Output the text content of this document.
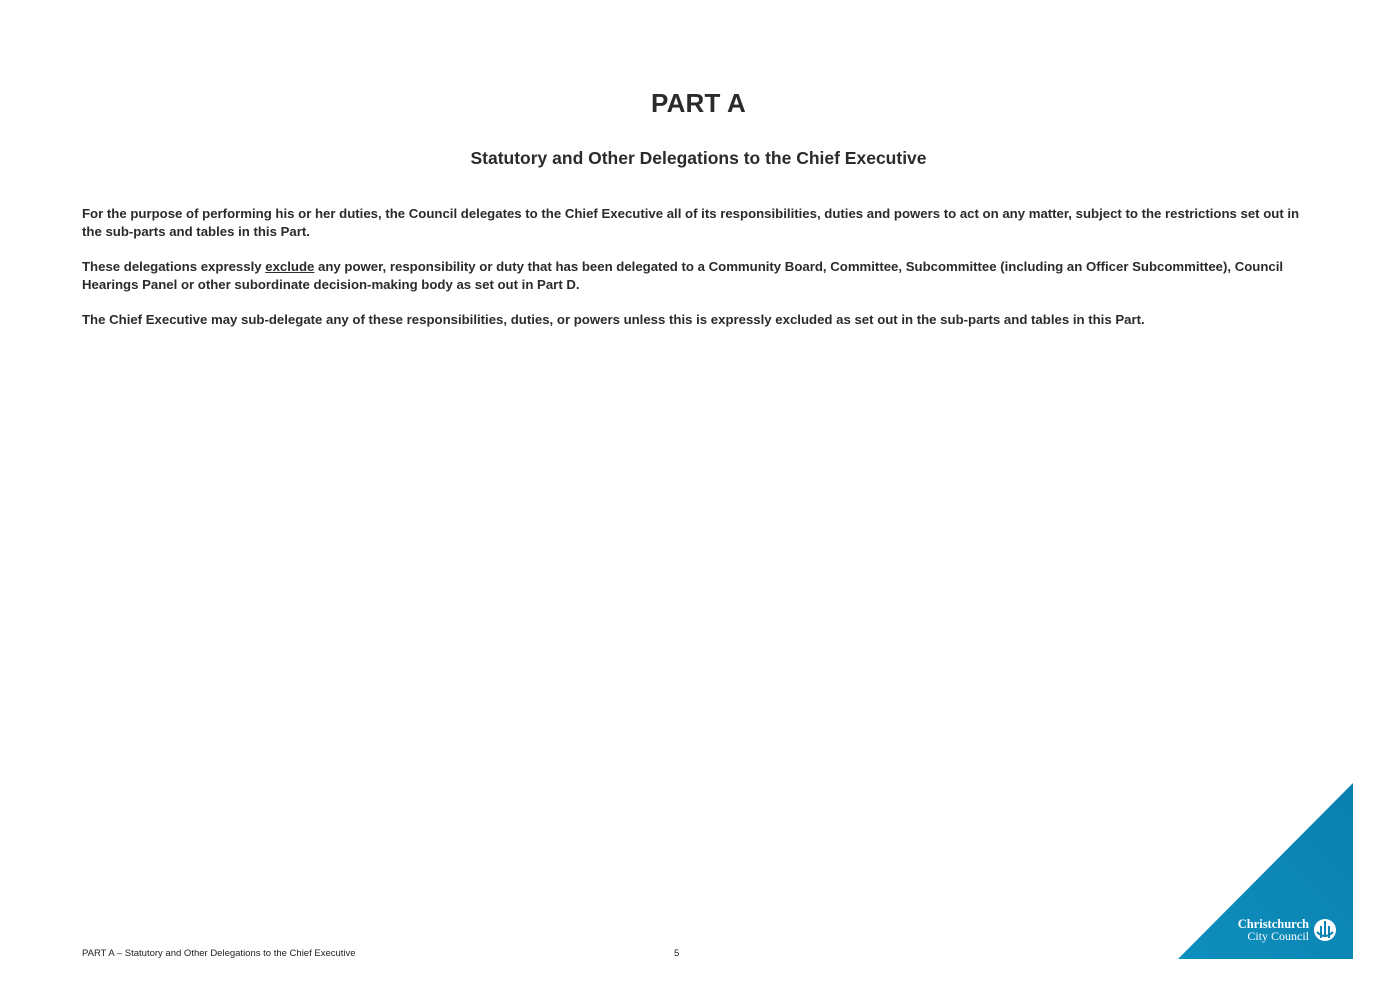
PART A
Statutory and Other Delegations to the Chief Executive

For the purpose of performing his or her duties, the Council delegates to the Chief Executive all of its responsibilities, duties and powers to act on any matter, subject to the restrictions set out in the sub-parts and tables in this Part.

These delegations expressly exclude any power, responsibility or duty that has been delegated to a Community Board, Committee, Subcommittee (including an Officer Subcommittee), Council Hearings Panel or other subordinate decision-making body as set out in Part D.

The Chief Executive may sub-delegate any of these responsibilities, duties, or powers unless this is expressly excluded as set out in the sub-parts and tables in this Part.

PART A – Statutory and Other Delegations to the Chief Executive	5
Christchurch
City Council
